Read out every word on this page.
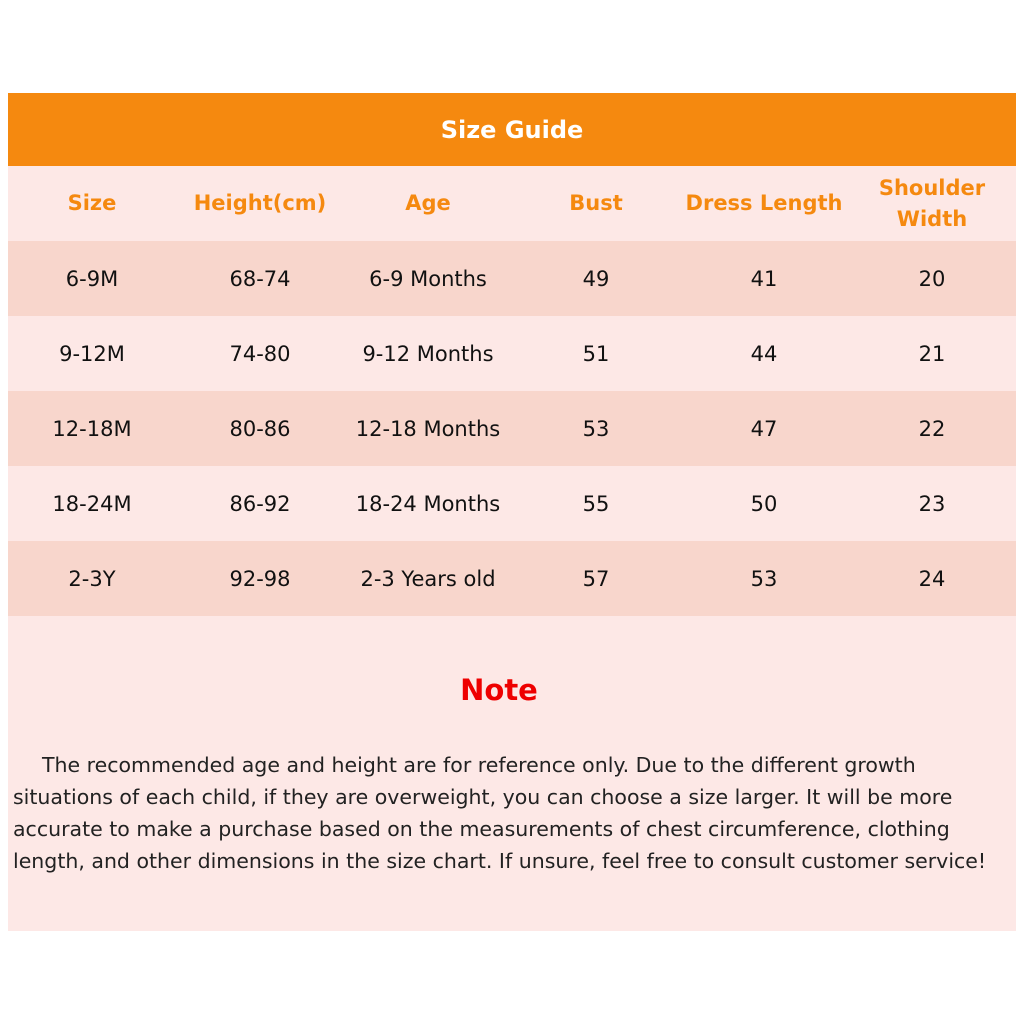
Size Guide
Size	Height(cm)	Age	Bust	Dress Length	Shoulder Width
6-9M	68-74	6-9 Months	49	41	20
9-12M	74-80	9-12 Months	51	44	21
12-18M	80-86	12-18 Months	53	47	22
18-24M	86-92	18-24 Months	55	50	23
2-3Y	92-98	2-3 Years old	57	53	24
Note

The recommended age and height are for reference only. Due to the different growth situations of each child, if they are overweight, you can choose a size larger. It will be more accurate to make a purchase based on the measurements of chest circumference, clothing length, and other dimensions in the size chart. If unsure, feel free to consult customer service!
